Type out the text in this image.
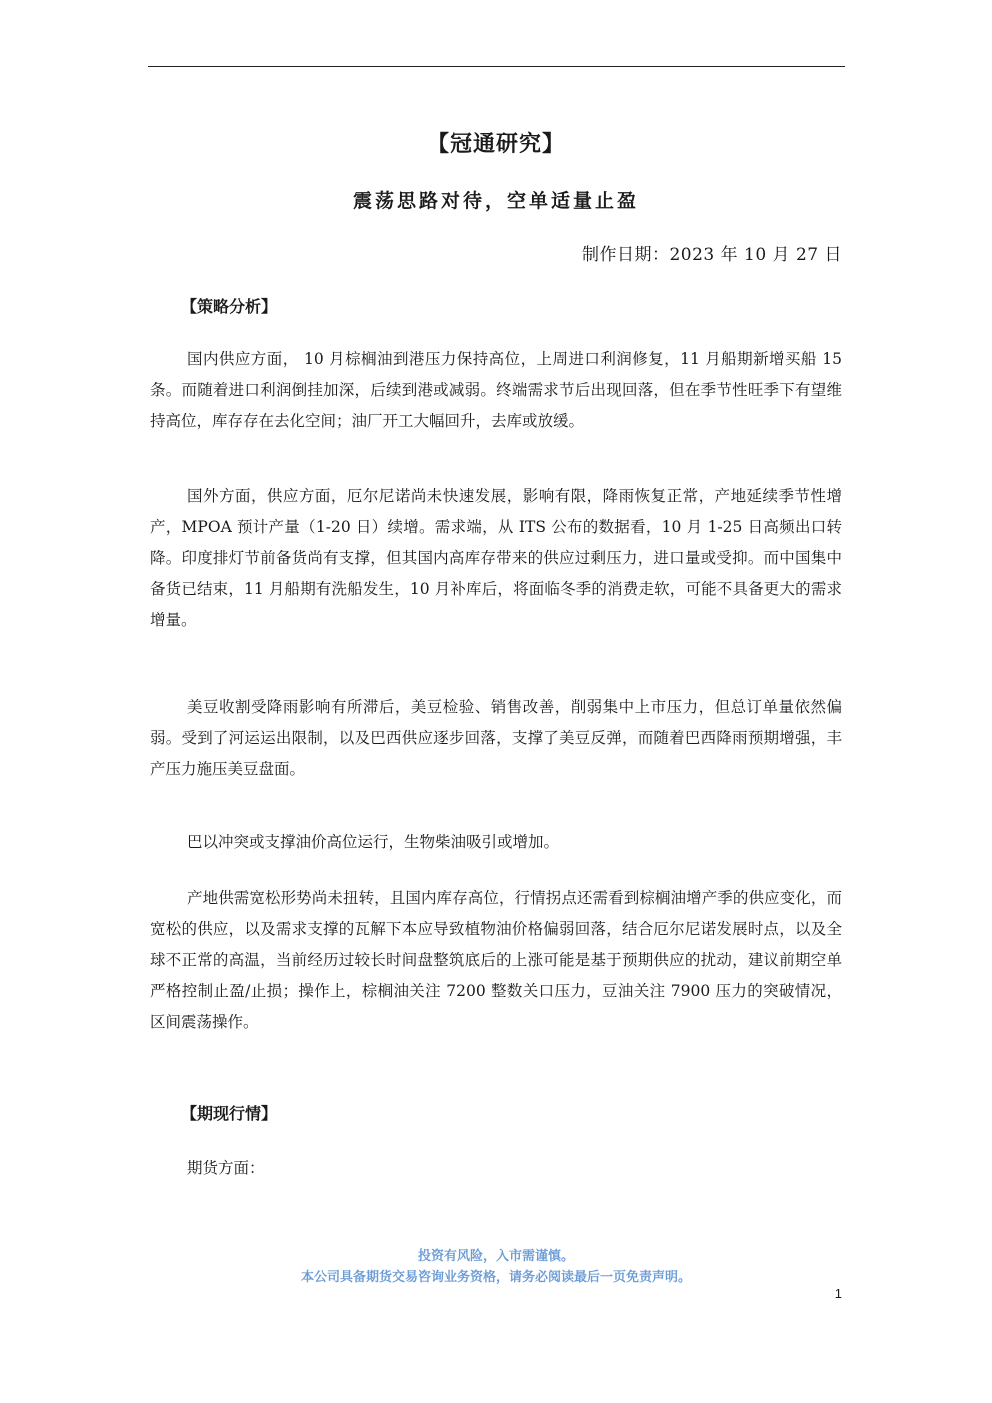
【冠通研究】
震荡思路对待，空单适量止盈
制作日期：2023 年 10 月 27 日
【策略分析】

国内供应方面， 10 月棕榈油到港压力保持高位，上周进口利润修复，11 月船期新增买船 15 条。而随着进口利润倒挂加深，后续到港或减弱。终端需求节后出现回落，但在季节性旺季下有望维持高位，库存存在去化空间；油厂开工大幅回升，去库或放缓。

国外方面，供应方面，厄尔尼诺尚未快速发展，影响有限，降雨恢复正常，产地延续季节性增产，MPOA 预计产量（1-20 日）续增。需求端，从 ITS 公布的数据看，10 月 1-25 日高频出口转降。印度排灯节前备货尚有支撑，但其国内高库存带来的供应过剩压力，进口量或受抑。而中国集中备货已结束，11 月船期有洗船发生，10 月补库后，将面临冬季的消费走软，可能不具备更大的需求增量。

美豆收割受降雨影响有所滞后，美豆检验、销售改善，削弱集中上市压力，但总订单量依然偏弱。受到了河运运出限制，以及巴西供应逐步回落，支撑了美豆反弹，而随着巴西降雨预期增强，丰产压力施压美豆盘面。

巴以冲突或支撑油价高位运行，生物柴油吸引或增加。

产地供需宽松形势尚未扭转，且国内库存高位，行情拐点还需看到棕榈油增产季的供应变化，而宽松的供应，以及需求支撑的瓦解下本应导致植物油价格偏弱回落，结合厄尔尼诺发展时点，以及全球不正常的高温，当前经历过较长时间盘整筑底后的上涨可能是基于预期供应的扰动，建议前期空单严格控制止盈/止损；操作上，棕榈油关注 7200 整数关口压力，豆油关注 7900 压力的突破情况，区间震荡操作。

【期现行情】

期货方面：

投资有风险，入市需谨慎。
本公司具备期货交易咨询业务资格，请务必阅读最后一页免责声明。
1
